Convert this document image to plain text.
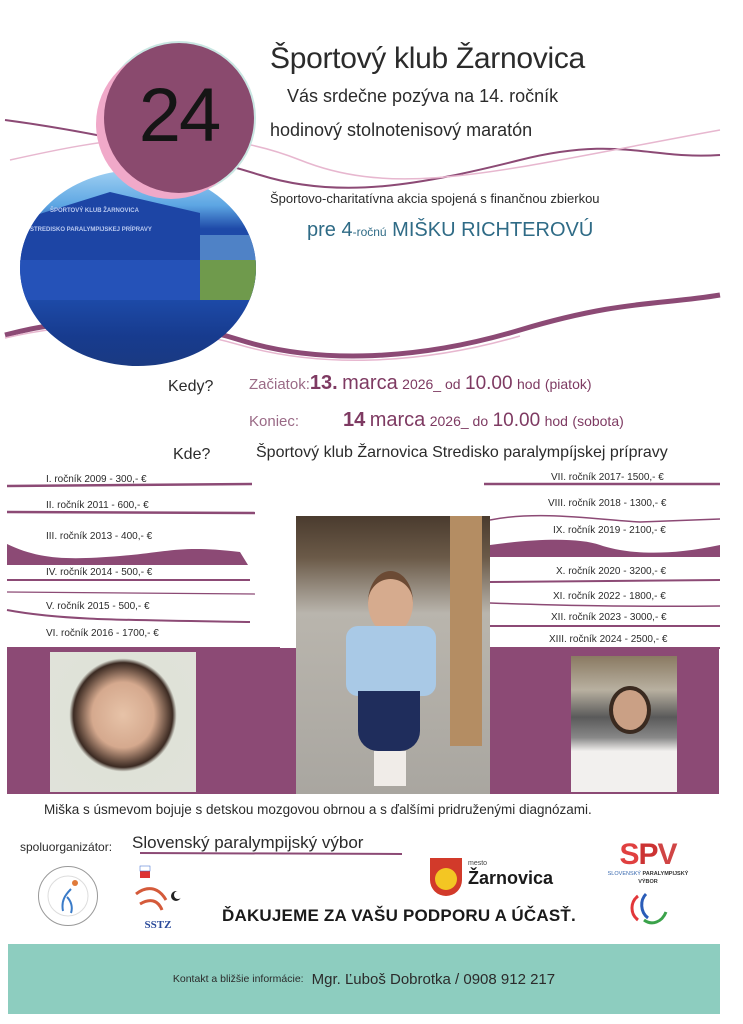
ŠPORTOVÝ KLUB ŽARNOVICA
STREDISKO PARALYMPIJSKEJ PRÍPRAVY
24
Športový klub Žarnovica
Vás srdečne pozýva na 14. ročník
hodinový stolnotenisový maratón
Športovo-charitatívna akcia spojená s finančnou zbierkou
pre 4-ročnú MIŠKU RICHTEROVÚ
Kedy? Začiatok:13. marca 2026_ od 10.00 hod (piatok)
Koniec: 14 marca 2026_ do 10.00 hod (sobota)
Kde?	Športový klub Žarnovica Stredisko paralympíjskej prípravy
I. ročník 2009 - 300,- €
II. ročník 2011 - 600,- €
III. ročník 2013 - 400,- €
IV. ročník 2014 - 500,- €
V. ročník 2015 - 500,- €
VI. ročník 2016 - 1700,- €
VII. ročník 2017- 1500,- €
VIII. ročník 2018 - 1300,- €
IX. ročník 2019 - 2100,- €
X. ročník 2020 - 3200,- €
XI. ročník 2022 - 1800,- €
XII. ročník 2023 - 3000,- €
XIII. ročník 2024 - 2500,- €
Miška s úsmevom bojuje s detskou mozgovou obrnou a s ďalšími pridruženými diagnózami.
spoluorganizátor: Slovenský paralympijský výbor
SSTZ
mesto
Žarnovica
SPV
SLOVENSKÝ PARALYMPIJSKÝ
VÝBOR
ĎAKUJEME ZA VAŠU PODPORU A ÚČASŤ.
Kontakt a bližšie informácie: Mgr. Ľuboš Dobrotka / 0908 912 217
